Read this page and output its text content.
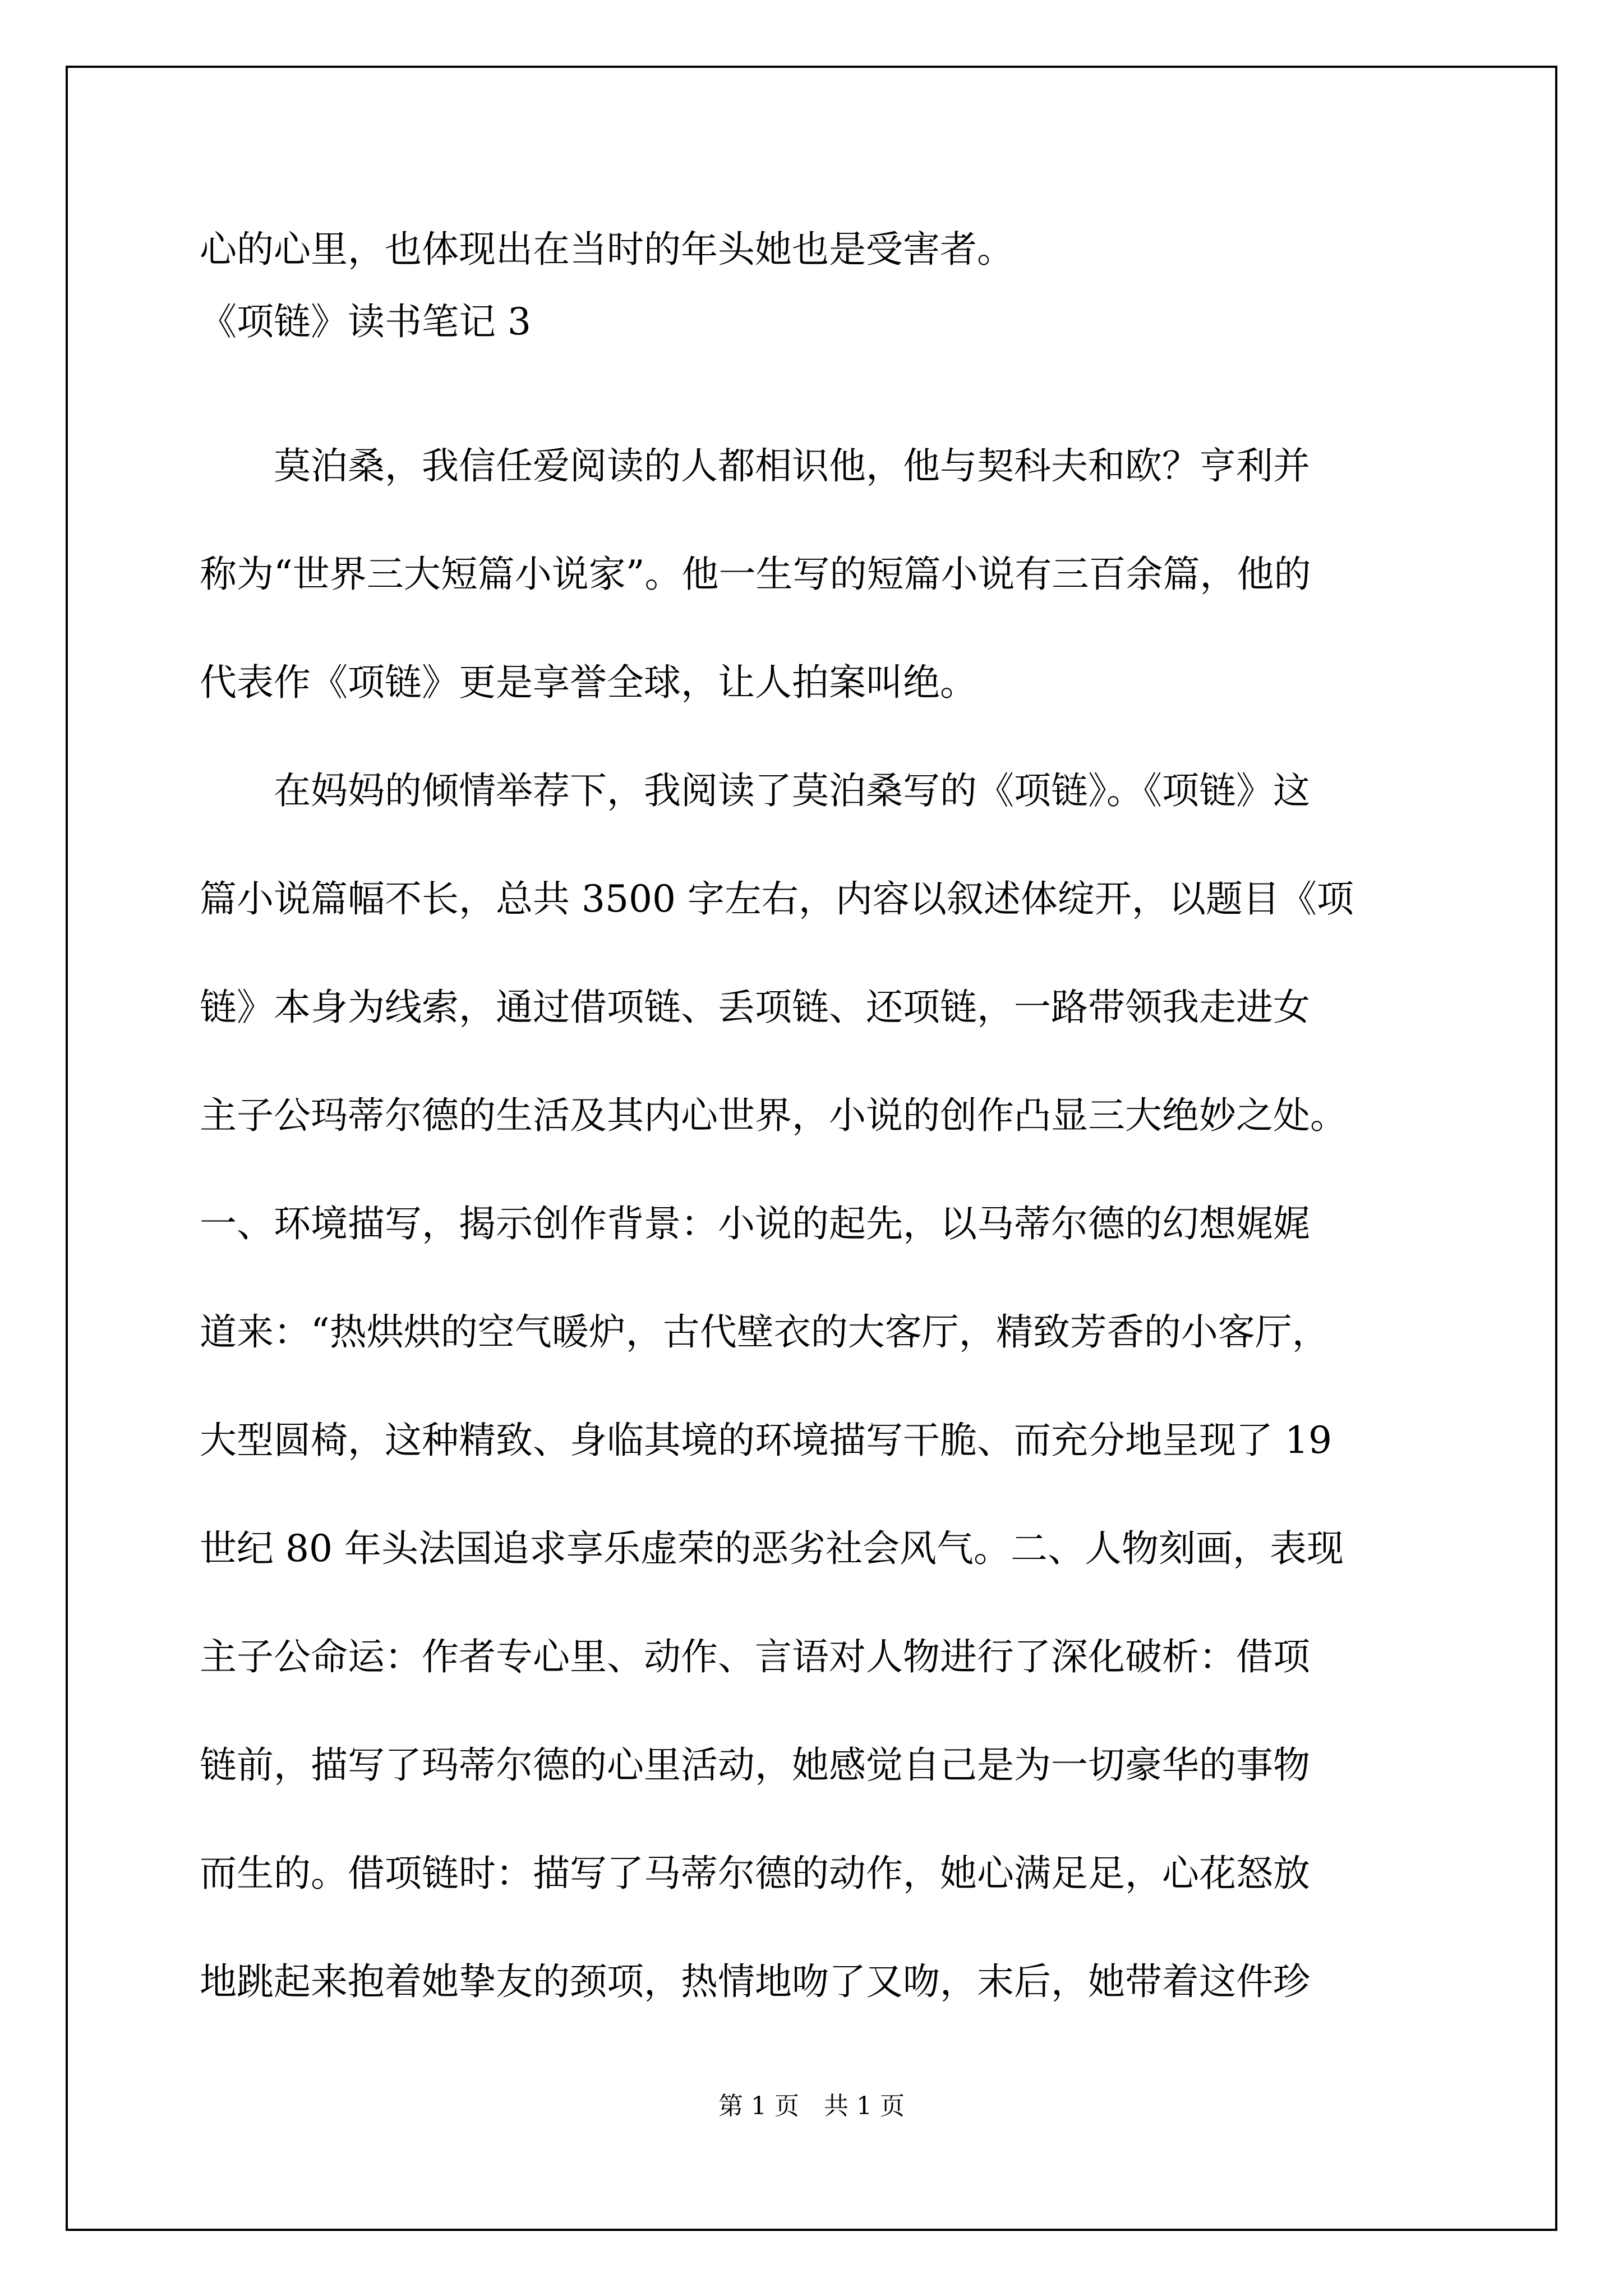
心的心里，也体现出在当时的年头她也是受害者。
《项链》读书笔记 3
　　莫泊桑，我信任爱阅读的人都相识他，他与契科夫和欧？亨利并
称为“世界三大短篇小说家”。他一生写的短篇小说有三百余篇，他的
代表作《项链》更是享誉全球，让人拍案叫绝。
　　在妈妈的倾情举荐下，我阅读了莫泊桑写的《项链》。《项链》这
篇小说篇幅不长，总共 3500 字左右，内容以叙述体绽开，以题目《项
链》本身为线索，通过借项链、丢项链、还项链，一路带领我走进女
主子公玛蒂尔德的生活及其内心世界，小说的创作凸显三大绝妙之处。
一、环境描写，揭示创作背景：小说的起先，以马蒂尔德的幻想娓娓
道来：“热烘烘的空气暖炉，古代壁衣的大客厅，精致芳香的小客厅，
大型圆椅，这种精致、身临其境的环境描写干脆、而充分地呈现了 19
世纪 80 年头法国追求享乐虚荣的恶劣社会风气。二、人物刻画，表现
主子公命运：作者专心里、动作、言语对人物进行了深化破析：借项
链前，描写了玛蒂尔德的心里活动，她感觉自己是为一切豪华的事物
而生的。借项链时：描写了马蒂尔德的动作，她心满足足，心花怒放
地跳起来抱着她挚友的颈项，热情地吻了又吻，末后，她带着这件珍
第 1 页　共 1 页
